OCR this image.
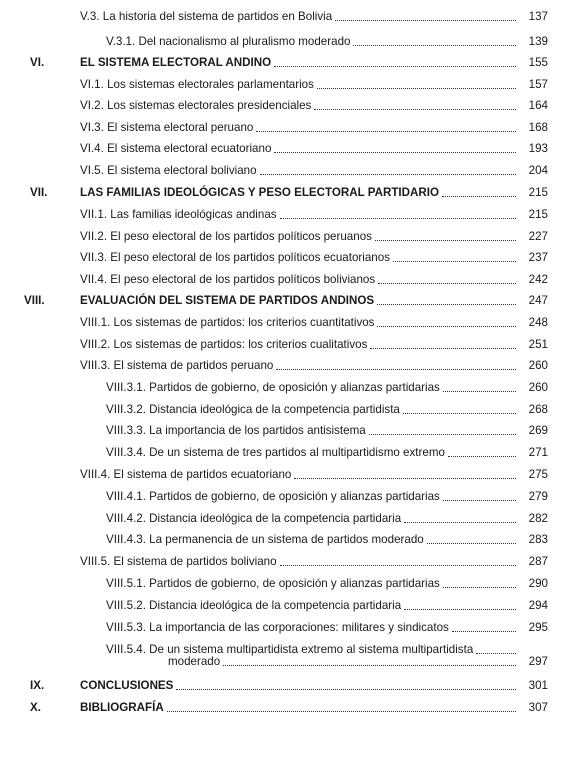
V.3. La historia del sistema de partidos en Bolivia	137
V.3.1. Del nacionalismo al pluralismo moderado	139
VI.	EL SISTEMA ELECTORAL ANDINO	155
VI.1. Los sistemas electorales parlamentarios	157
VI.2. Los sistemas electorales presidenciales	164
VI.3. El sistema electoral peruano	168
VI.4. El sistema electoral ecuatoriano	193
VI.5. El sistema electoral boliviano	204
VII.	LAS FAMILIAS IDEOLÓGICAS Y PESO ELECTORAL PARTIDARIO	215
VII.1. Las familias ideológicas andinas	215
VII.2. El peso electoral de los partidos políticos peruanos	227
VII.3. El peso electoral de los partidos políticos ecuatorianos	237
VII.4. El peso electoral de los partidos políticos bolivianos	242
VIII.	EVALUACIÓN DEL SISTEMA DE PARTIDOS ANDINOS	247
VIII.1. Los sistemas de partidos: los criterios cuantitativos	248
VIII.2. Los sistemas de partidos: los criterios cualitativos	251
VIII.3. El sistema de partidos peruano	260
VIII.3.1. Partidos de gobierno, de oposición y alianzas partidarias	260
VIII.3.2. Distancia ideológica de la competencia partidista	268
VIII.3.3. La importancia de los partidos antisistema	269
VIII.3.4. De un sistema de tres partidos al multipartidismo extremo	271
VIII.4. El sistema de partidos ecuatoriano	275
VIII.4.1. Partidos de gobierno, de oposición y alianzas partidarias	279
VIII.4.2. Distancia ideológica de la competencia partidaria	282
VIII.4.3. La permanencia de un sistema de partidos moderado	283
VIII.5. El sistema de partidos boliviano	287
VIII.5.1. Partidos de gobierno, de oposición y alianzas partidarias	290
VIII.5.2. Distancia ideológica de la competencia partidaria	294
VIII.5.3. La importancia de las corporaciones: militares y sindicatos	295
VIII.5.4. De un sistema multipartidista extremo al sistema multipartidista
moderado	297
IX.	CONCLUSIONES	301
X.	BIBLIOGRAFÍA	307
